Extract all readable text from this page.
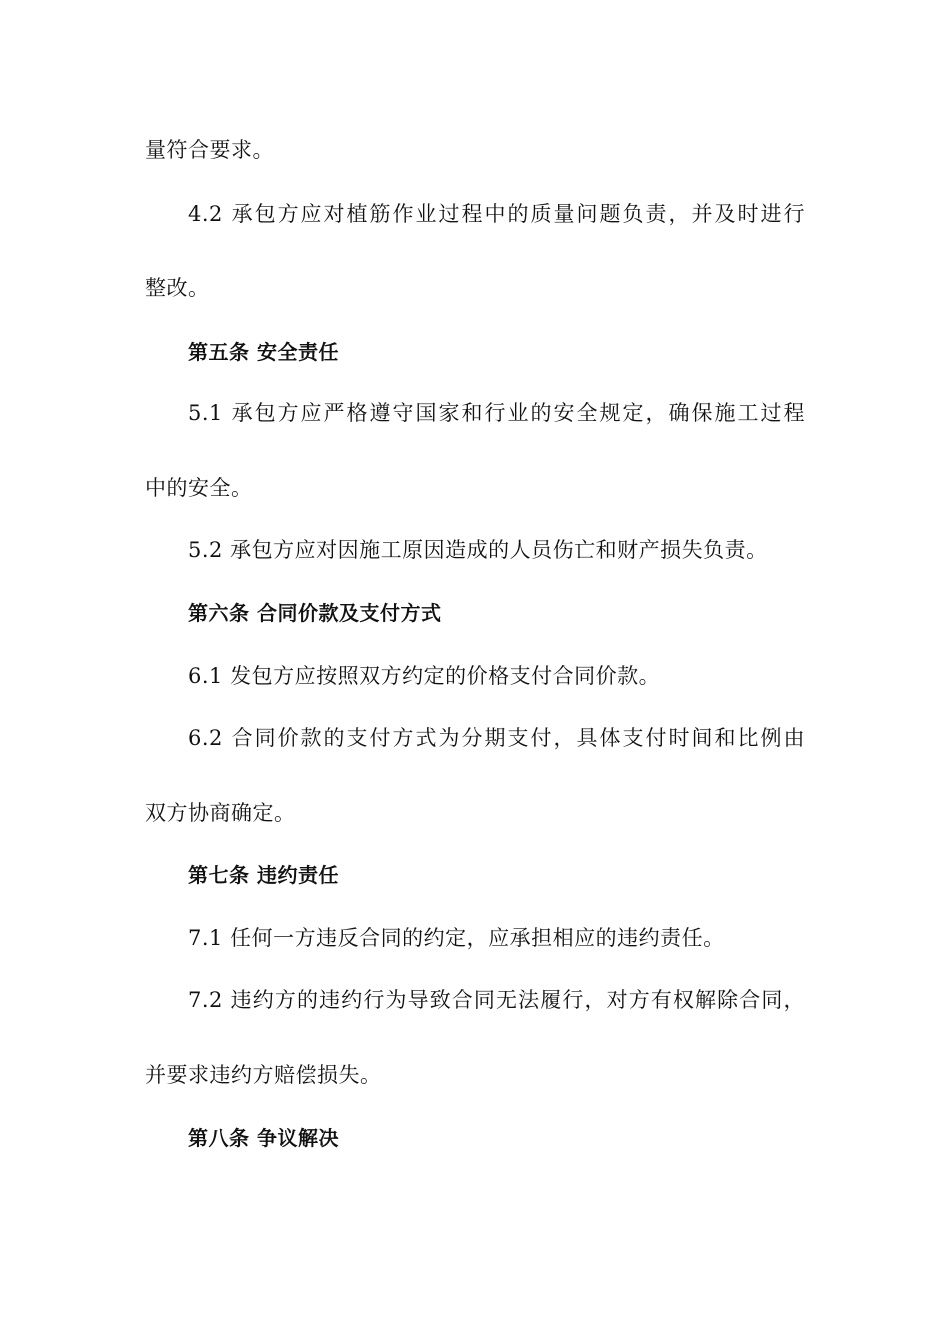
量符合要求。
4.2 承包方应对植筋作业过程中的质量问题负责，并及时进行
整改。
第五条 安全责任
5.1 承包方应严格遵守国家和行业的安全规定，确保施工过程
中的安全。
5.2 承包方应对因施工原因造成的人员伤亡和财产损失负责。
第六条 合同价款及支付方式
6.1 发包方应按照双方约定的价格支付合同价款。
6.2 合同价款的支付方式为分期支付，具体支付时间和比例由
双方协商确定。
第七条 违约责任
7.1 任何一方违反合同的约定，应承担相应的违约责任。
7.2 违约方的违约行为导致合同无法履行，对方有权解除合同，
并要求违约方赔偿损失。
第八条 争议解决
